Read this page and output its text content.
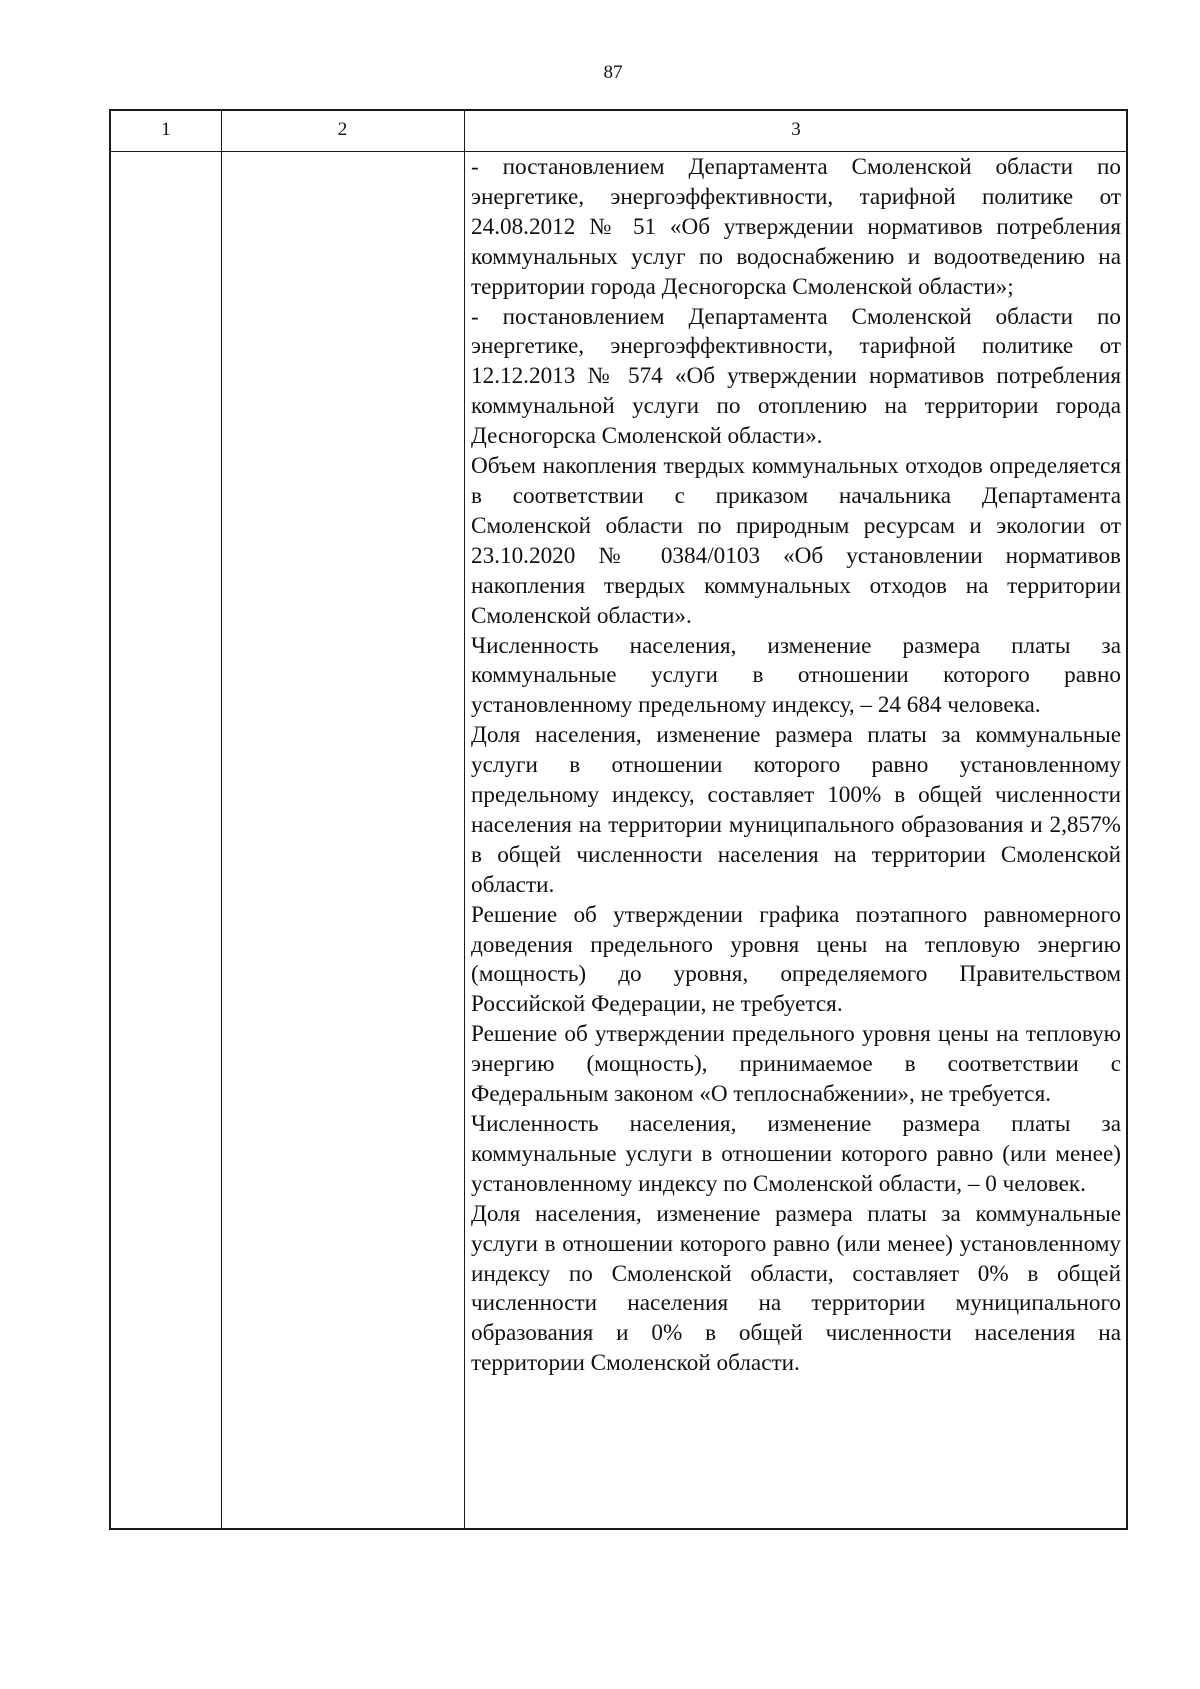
87
1	2	3

- постановлением Департамента Смоленской области по энергетике, энергоэффективности, тарифной политике от 24.08.2012 № 51 «Об утверждении нормативов потребления коммунальных услуг по водоснабжению и водоотведению на территории города Десногорска Смоленской области»;

- постановлением Департамента Смоленской области по энергетике, энергоэффективности, тарифной политике от 12.12.2013 № 574 «Об утверждении нормативов потребления коммунальной услуги по отоплению на территории города Десногорска Смоленской области».

Объем накопления твердых коммунальных отходов определяется в соответствии с приказом начальника Департамента Смоленской области по природным ресурсам и экологии от 23.10.2020 № 0384/0103 «Об установлении нормативов накопления твердых коммунальных отходов на территории Смоленской области».

Численность населения, изменение размера платы за коммунальные услуги в отношении которого равно установленному предельному индексу, – 24 684 человека.

Доля населения, изменение размера платы за коммунальные услуги в отношении которого равно установленному предельному индексу, составляет 100% в общей численности населения на территории муниципального образования и 2,857% в общей численности населения на территории Смоленской области.

Решение об утверждении графика поэтапного равномерного доведения предельного уровня цены на тепловую энергию (мощность) до уровня, определяемого Правительством Российской Федерации, не требуется.

Решение об утверждении предельного уровня цены на тепловую энергию (мощность), принимаемое в соответствии с Федеральным законом «О теплоснабжении», не требуется.

Численность населения, изменение размера платы за коммунальные услуги в отношении которого равно (или менее) установленному индексу по Смоленской области, – 0 человек.

Доля населения, изменение размера платы за коммунальные услуги в отношении которого равно (или менее) установленному индексу по Смоленской области, составляет 0% в общей численности населения на территории муниципального образования и 0% в общей численности населения на территории Смоленской области.
